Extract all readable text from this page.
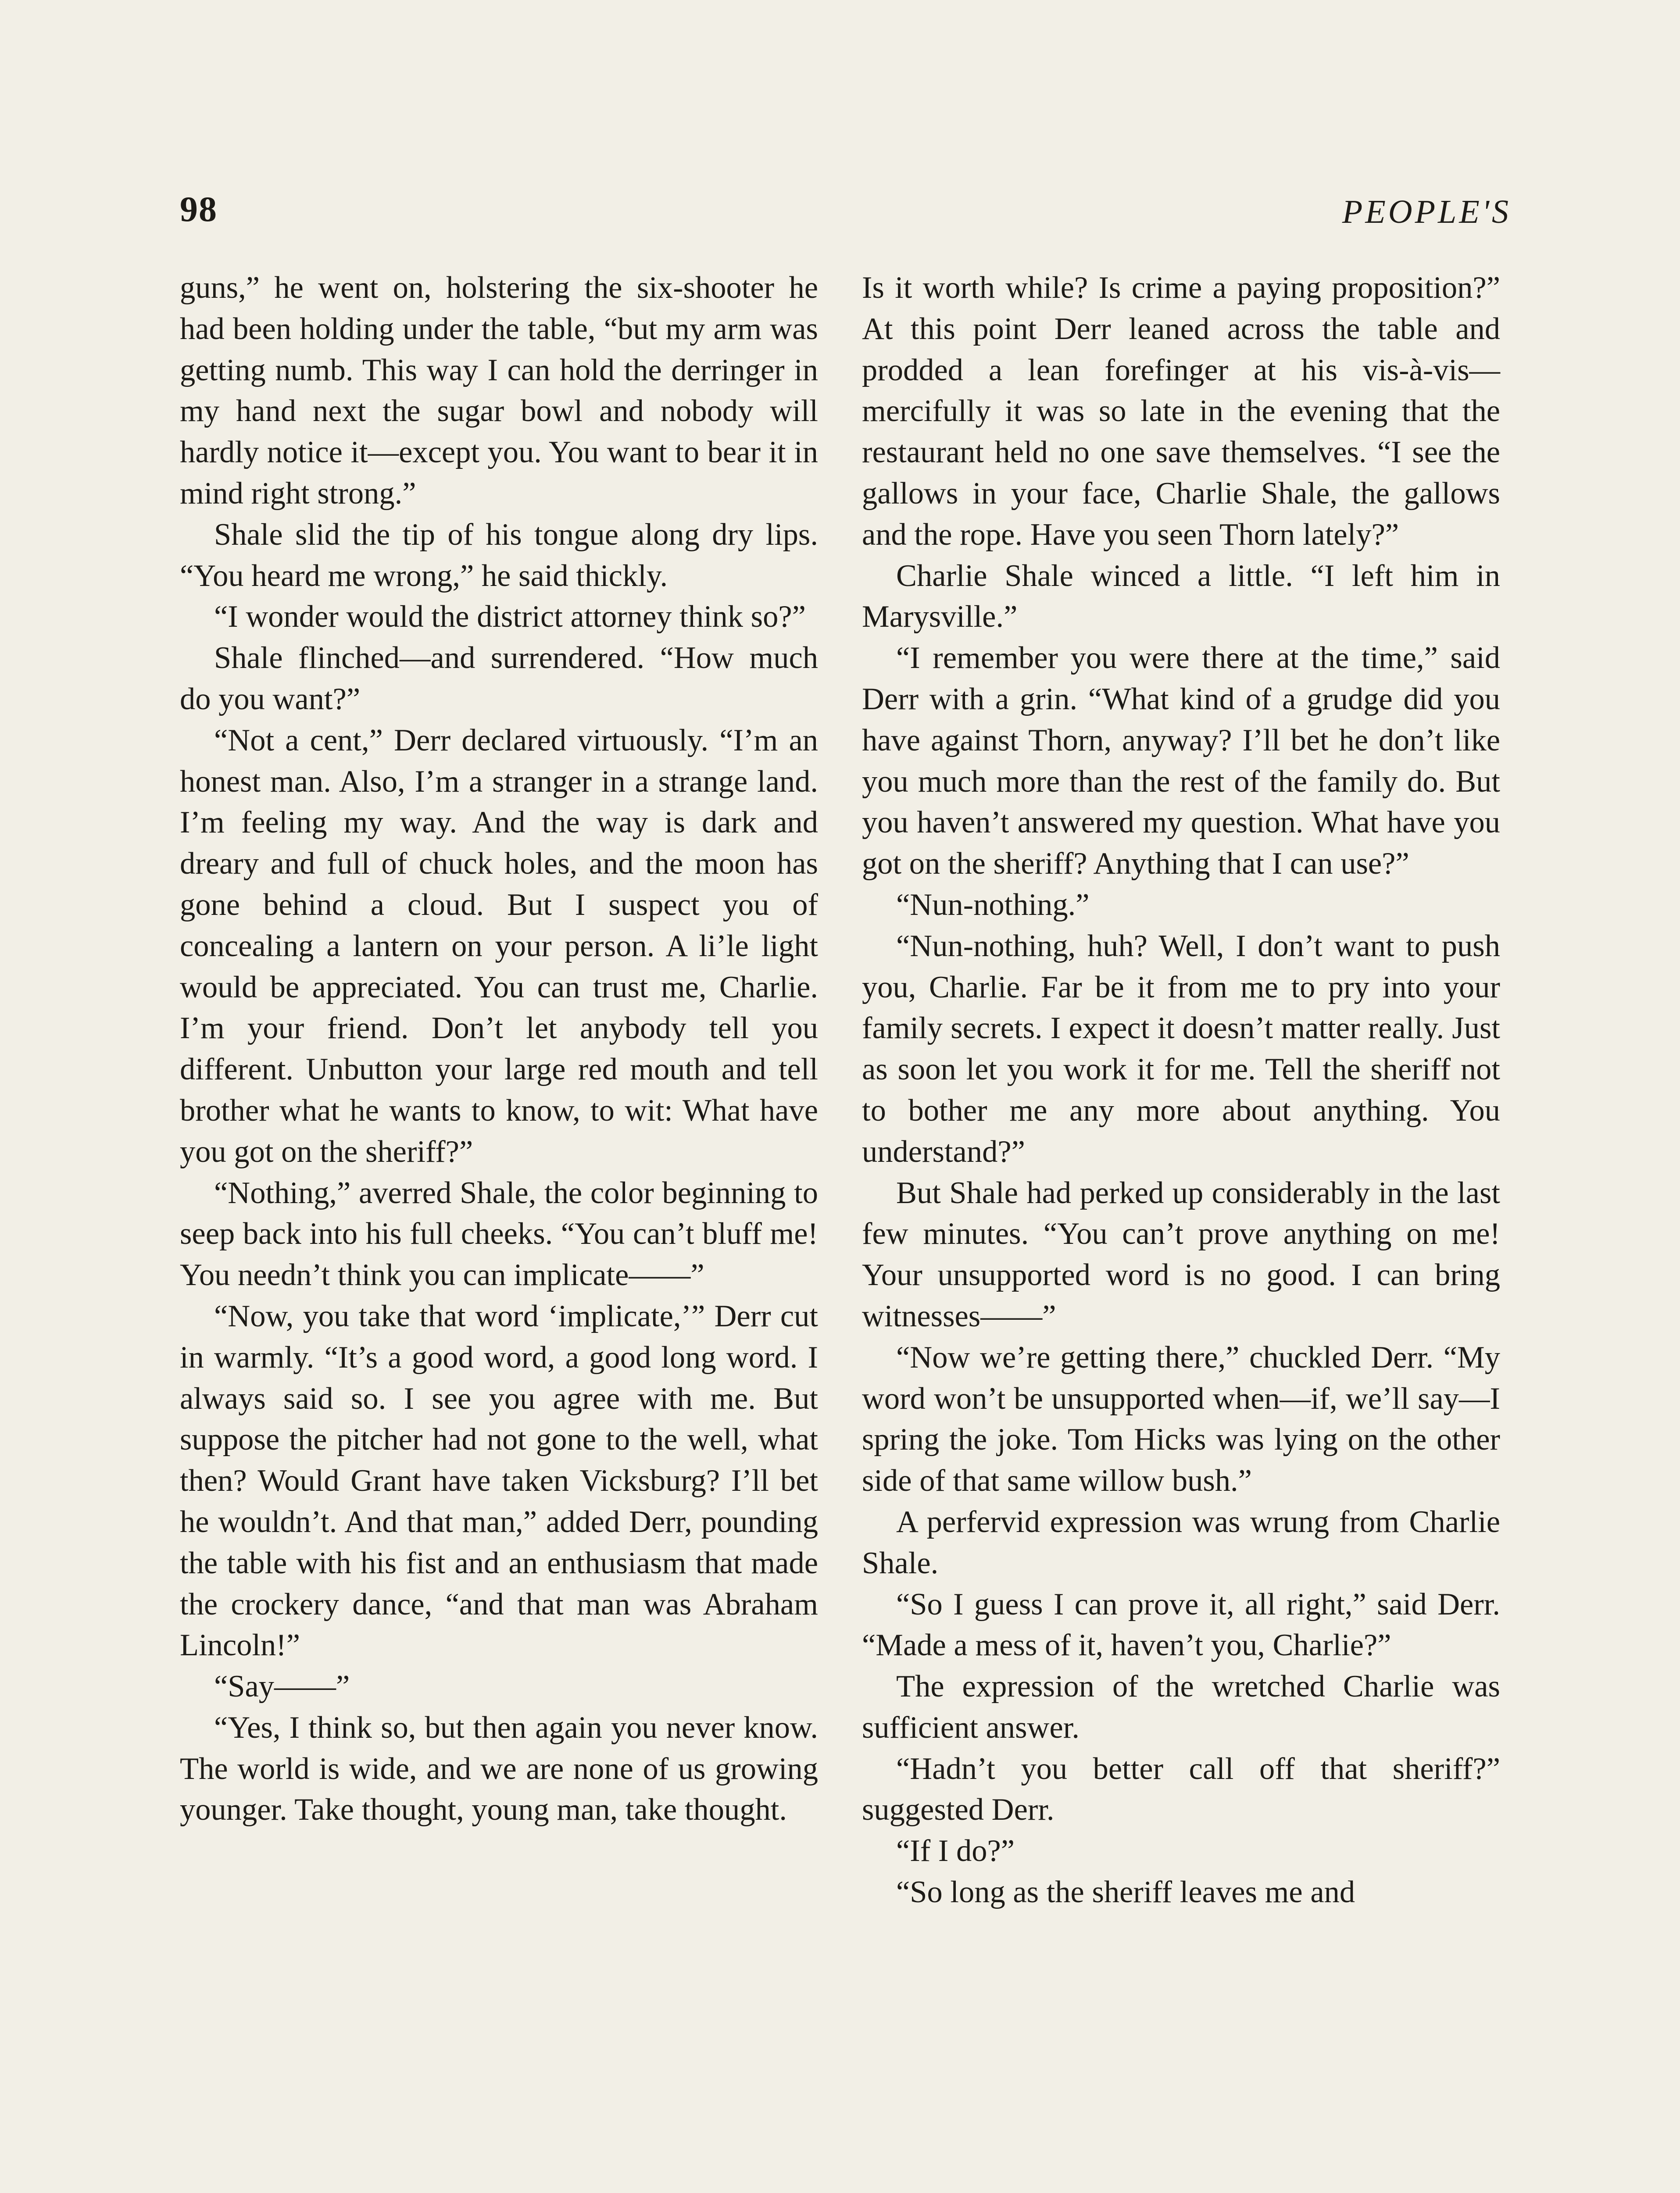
98	PEOPLE'S

guns,” he went on, holstering the six-shooter he had been holding under the table, “but my arm was getting numb. This way I can hold the derringer in my hand next the sugar bowl and nobody will hardly notice it—except you. You want to bear it in mind right strong.”

Shale slid the tip of his tongue along dry lips. “You heard me wrong,” he said thickly.

“I wonder would the district attorney think so?”

Shale flinched—and surrendered. “How much do you want?”

“Not a cent,” Derr declared virtuously. “I’m an honest man. Also, I’m a stranger in a strange land. I’m feeling my way. And the way is dark and dreary and full of chuck holes, and the moon has gone behind a cloud. But I suspect you of concealing a lantern on your person. A li’le light would be appreciated. You can trust me, Charlie. I’m your friend. Don’t let anybody tell you different. Unbutton your large red mouth and tell brother what he wants to know, to wit: What have you got on the sheriff?”

“Nothing,” averred Shale, the color beginning to seep back into his full cheeks. “You can’t bluff me! You needn’t think you can implicate——”

“Now, you take that word ‘implicate,’” Derr cut in warmly. “It’s a good word, a good long word. I always said so. I see you agree with me. But suppose the pitcher had not gone to the well, what then? Would Grant have taken Vicksburg? I’ll bet he wouldn’t. And that man,” added Derr, pounding the table with his fist and an enthusiasm that made the crockery dance, “and that man was Abraham Lincoln!”

“Say——”

“Yes, I think so, but then again you never know. The world is wide, and we are none of us growing younger. Take thought, young man, take thought.

Is it worth while? Is crime a paying proposition?” At this point Derr leaned across the table and prodded a lean forefinger at his vis-à-vis—mercifully it was so late in the evening that the restaurant held no one save themselves. “I see the gallows in your face, Charlie Shale, the gallows and the rope. Have you seen Thorn lately?”

Charlie Shale winced a little. “I left him in Marysville.”

“I remember you were there at the time,” said Derr with a grin. “What kind of a grudge did you have against Thorn, anyway? I’ll bet he don’t like you much more than the rest of the family do. But you haven’t answered my question. What have you got on the sheriff? Anything that I can use?”

“Nun-nothing.”

“Nun-nothing, huh? Well, I don’t want to push you, Charlie. Far be it from me to pry into your family secrets. I expect it doesn’t matter really. Just as soon let you work it for me. Tell the sheriff not to bother me any more about anything. You understand?”

But Shale had perked up considerably in the last few minutes. “You can’t prove anything on me! Your unsupported word is no good. I can bring witnesses——”

“Now we’re getting there,” chuckled Derr. “My word won’t be unsupported when—if, we’ll say—I spring the joke. Tom Hicks was lying on the other side of that same willow bush.”

A perfervid expression was wrung from Charlie Shale.

“So I guess I can prove it, all right,” said Derr. “Made a mess of it, haven’t you, Charlie?”

The expression of the wretched Charlie was sufficient answer.

“Hadn’t you better call off that sheriff?” suggested Derr.

“If I do?”

“So long as the sheriff leaves me and
